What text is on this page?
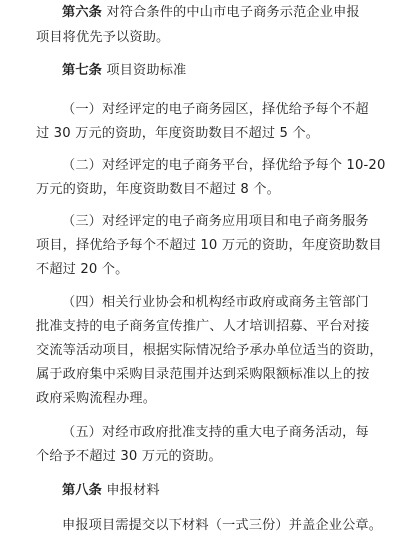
第六条 对符合条件的中山市电子商务示范企业申报
项目将优先予以资助。
第七条 项目资助标准
（一）对经评定的电子商务园区，择优给予每个不超
过 30 万元的资助，年度资助数目不超过 5 个。
（二）对经评定的电子商务平台，择优给予每个 10-20
万元的资助，年度资助数目不超过 8 个。
（三）对经评定的电子商务应用项目和电子商务服务
项目，择优给予每个不超过 10 万元的资助，年度资助数目
不超过 20 个。
（四）相关行业协会和机构经市政府或商务主管部门
批准支持的电子商务宣传推广、人才培训招募、平台对接
交流等活动项目，根据实际情况给予承办单位适当的资助，
属于政府集中采购目录范围并达到采购限额标准以上的按
政府采购流程办理。
（五）对经市政府批准支持的重大电子商务活动，每
个给予不超过 30 万元的资助。
第八条 申报材料
申报项目需提交以下材料（一式三份）并盖企业公章。
